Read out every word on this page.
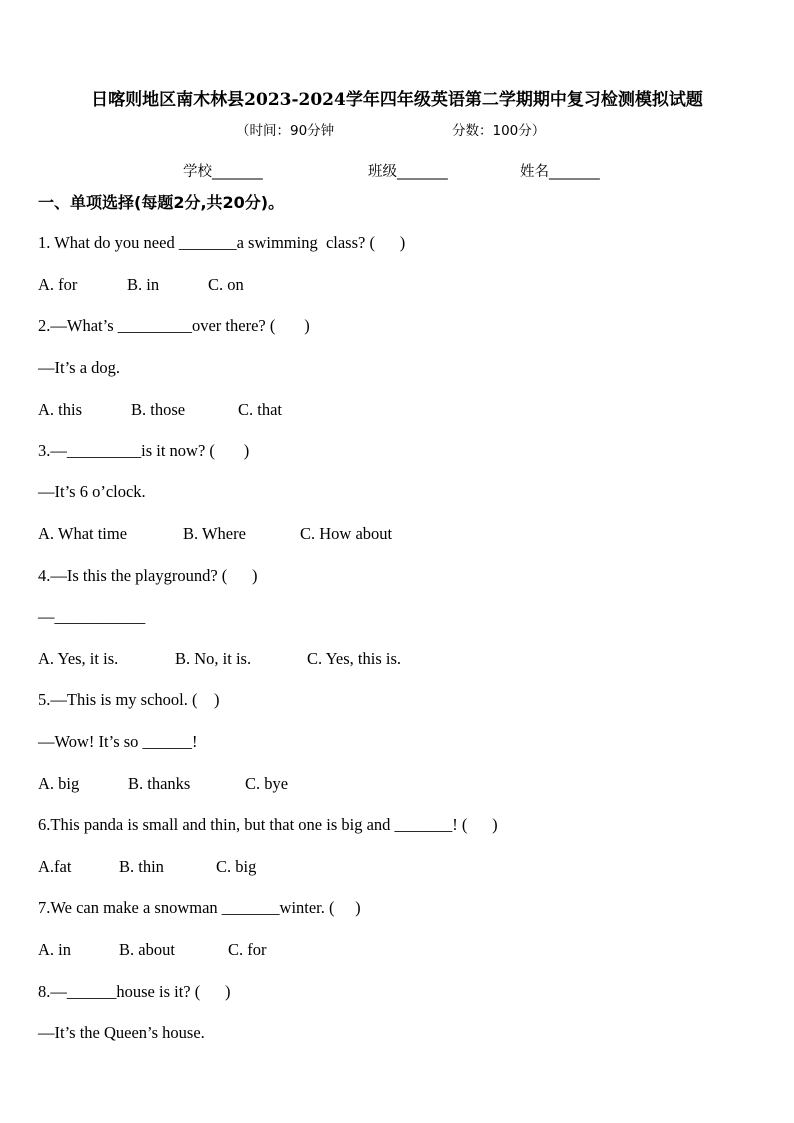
日喀则地区南木林县2023-2024学年四年级英语第二学期期中复习检测模拟试题
（时间：90分钟	分数：100分）
学校_______	班级_______	姓名_______
一、单项选择(每题2分,共20分)。
1. What do you need _______a swimming  class? (      )
A. for	B. in	C. on
2.—What’s _________over there? (       )
—It’s a dog.
A. this	B. those	C. that
3.—_________is it now? (       )
—It’s 6 o’clock.
A. What time	B. Where	C. How about
4.—Is this the playground? (      )
—___________
A. Yes, it is.	B. No, it is.	C. Yes, this is.
5.—This is my school. (    )
—Wow! It’s so ______!
A. big	B. thanks	C. bye
6.This panda is small and thin, but that one is big and _______! (      )
A.fat	B. thin	C. big
7.We can make a snowman _______winter. (     )
A. in	B. about	C. for
8.—______house is it? (      )
—It’s the Queen’s house.
